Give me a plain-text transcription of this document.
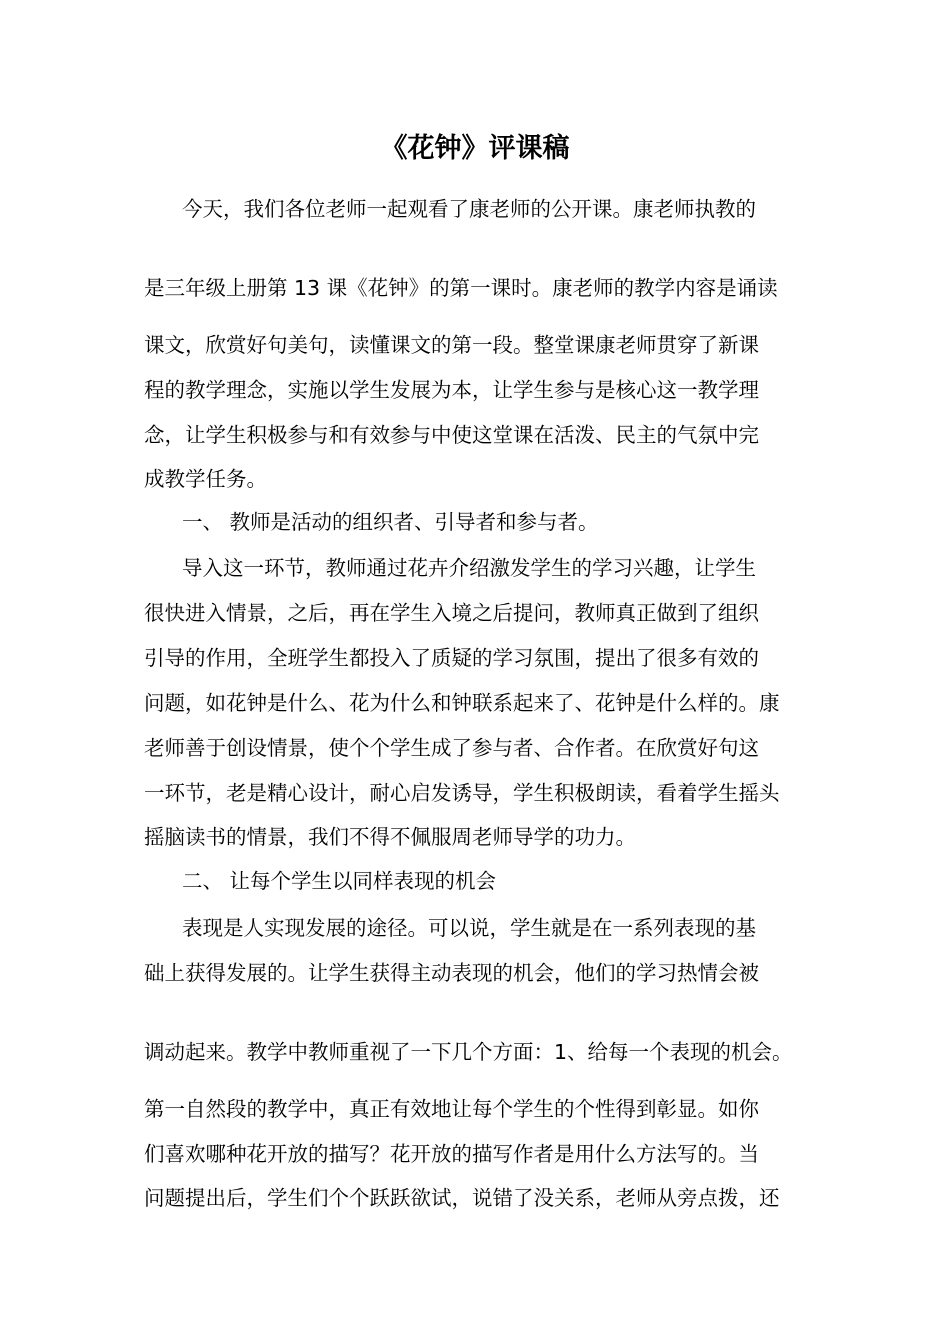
《花钟》评课稿
今天，我们各位老师一起观看了康老师的公开课。康老师执教的
是三年级上册第 13 课《花钟》的第一课时。康老师的教学内容是诵读
课文，欣赏好句美句，读懂课文的第一段。整堂课康老师贯穿了新课
程的教学理念，实施以学生发展为本，让学生参与是核心这一教学理
念，让学生积极参与和有效参与中使这堂课在活泼、民主的气氛中完
成教学任务。
一、 教师是活动的组织者、引导者和参与者。
导入这一环节，教师通过花卉介绍激发学生的学习兴趣，让学生
很快进入情景，之后，再在学生入境之后提问，教师真正做到了组织
引导的作用，全班学生都投入了质疑的学习氛围，提出了很多有效的
问题，如花钟是什么、花为什么和钟联系起来了、花钟是什么样的。康
老师善于创设情景，使个个学生成了参与者、合作者。在欣赏好句这
一环节，老是精心设计，耐心启发诱导，学生积极朗读，看着学生摇头
摇脑读书的情景，我们不得不佩服周老师导学的功力。
二、 让每个学生以同样表现的机会
表现是人实现发展的途径。可以说，学生就是在一系列表现的基
础上获得发展的。让学生获得主动表现的机会，他们的学习热情会被
调动起来。教学中教师重视了一下几个方面：1、给每一个表现的机会。
第一自然段的教学中，真正有效地让每个学生的个性得到彰显。如你
们喜欢哪种花开放的描写？花开放的描写作者是用什么方法写的。当
问题提出后，学生们个个跃跃欲试，说错了没关系，老师从旁点拨，还
